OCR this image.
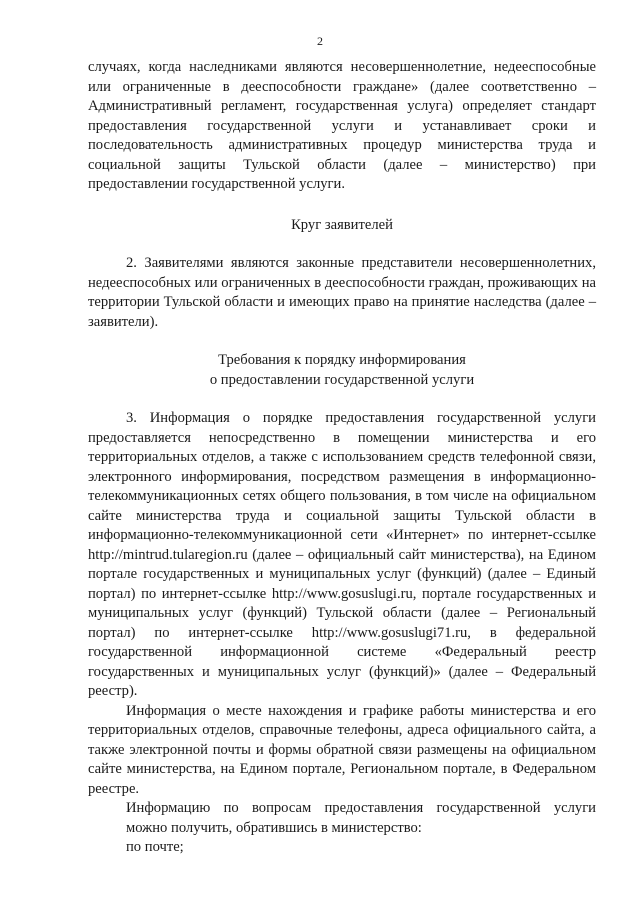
2

случаях, когда наследниками являются несовершеннолетние, недееспособные или ограниченные в дееспособности граждане» (далее соответственно – Административный регламент, государственная услуга) определяет стандарт предоставления государственной услуги и устанавливает сроки и последовательность административных процедур министерства труда и социальной защиты Тульской области (далее – министерство) при предоставлении государственной услуги.

Круг заявителей

2. Заявителями являются законные представители несовершеннолетних, недееспособных или ограниченных в дееспособности граждан, проживающих на территории Тульской области и имеющих право на принятие наследства (далее – заявители).

Требования к порядку информирования
о предоставлении государственной услуги

3. Информация о порядке предоставления государственной услуги предоставляется непосредственно в помещении министерства и его территориальных отделов, а также с использованием средств телефонной связи, электронного информирования, посредством размещения в информационно-телекоммуникационных сетях общего пользования, в том числе на официальном сайте министерства труда и социальной защиты Тульской области в информационно-телекоммуникационной сети «Интернет» по интернет-ссылке http://mintrud.tularegion.ru (далее – официальный сайт министерства), на Едином портале государственных и муниципальных услуг (функций) (далее – Единый портал) по интернет-ссылке http://www.gosuslugi.ru, портале государственных и муниципальных услуг (функций) Тульской области (далее – Региональный портал) по интернет-ссылке http://www.gosuslugi71.ru, в федеральной государственной информационной системе «Федеральный реестр государственных и муниципальных услуг (функций)» (далее – Федеральный реестр).

Информация о месте нахождения и графике работы министерства и его территориальных отделов, справочные телефоны, адреса официального сайта, а также электронной почты и формы обратной связи размещены на официальном сайте министерства, на Едином портале, Региональном портале, в Федеральном реестре.

Информацию по вопросам предоставления государственной услуги
можно получить, обратившись в министерство:

по почте;
